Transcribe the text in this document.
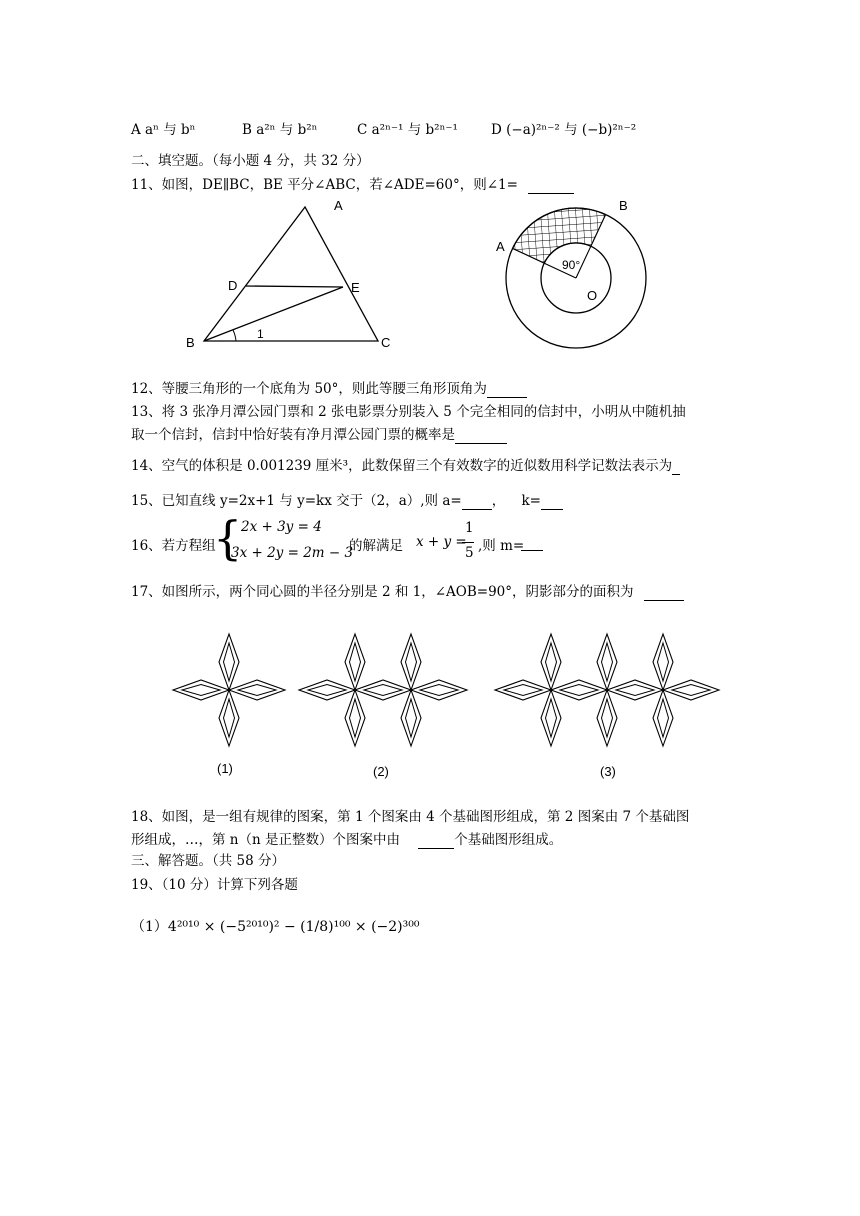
A aⁿ 与 bⁿ	B a²ⁿ 与 b²ⁿ	C a²ⁿ⁻¹ 与 b²ⁿ⁻¹ D (−a)²ⁿ⁻² 与 (−b)²ⁿ⁻²
二、填空题。（每小题 4 分，共 32 分）
11、如图，DE∥BC，BE 平分∠ABC，若∠ADE=60°，则∠1=
A
D	E
B	C
1
A
B
O
90°
12、等腰三角形的一个底角为 50°，则此等腰三角形顶角为
13、将 3 张净月潭公园门票和 2 张电影票分别装入 5 个完全相同的信封中，小明从中随机抽
取一个信封，信封中恰好装有净月潭公园门票的概率是
14、空气的体积是 0.001239 厘米³，此数保留三个有效数字的近似数用科学记数法表示为
15、已知直线 y=2x+1 与 y=kx 交于（2，a）,则 a= ， k=
16、若方程组
{
2x + 3y = 4
3x + 2y = 2m − 3
的解满足 x + y =
1
5 ,则 m=
17、如图所示，两个同心圆的半径分别是 2 和 1，∠AOB=90°，阴影部分的面积为
(1)	(2)	(3)
18、如图，是一组有规律的图案，第 1 个图案由 4 个基础图形组成，第 2 图案由 7 个基础图
形组成，…，第 n（n 是正整数）个图案中由	个基础图形组成。
三、解答题。（共 58 分）
19、（10 分）计算下列各题
（1）4²⁰¹⁰ × (−5²⁰¹⁰)² − (1/8)¹⁰⁰ × (−2)³⁰⁰
